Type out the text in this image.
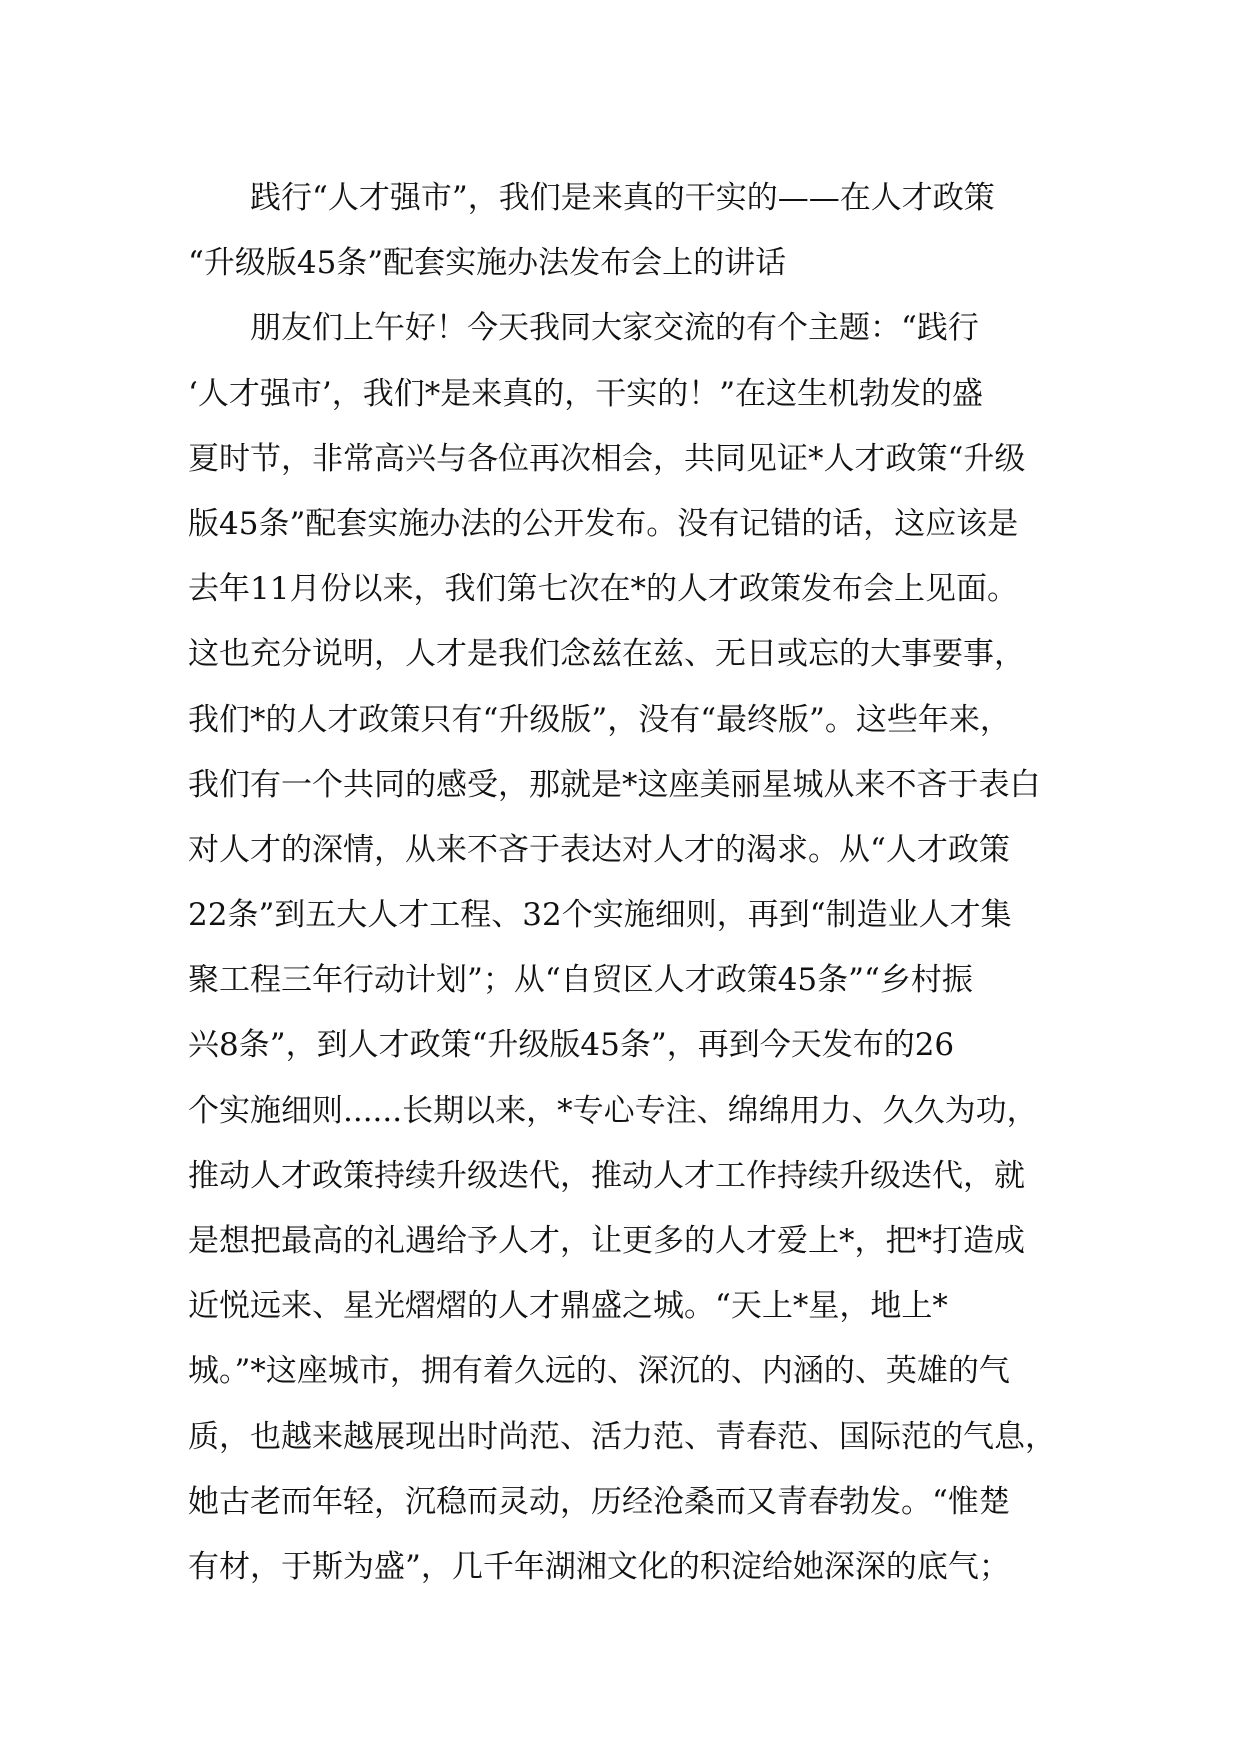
践行“人才强市”，我们是来真的干实的——在人才政策
“升级版45条”配套实施办法发布会上的讲话
朋友们上午好！今天我同大家交流的有个主题：“践行
‘人才强市’，我们*是来真的，干实的！”在这生机勃发的盛
夏时节，非常高兴与各位再次相会，共同见证*人才政策“升级
版45条”配套实施办法的公开发布。没有记错的话，这应该是
去年11月份以来，我们第七次在*的人才政策发布会上见面。
这也充分说明，人才是我们念兹在兹、无日或忘的大事要事，
我们*的人才政策只有“升级版”，没有“最终版”。这些年来，
我们有一个共同的感受，那就是*这座美丽星城从来不吝于表白
对人才的深情，从来不吝于表达对人才的渴求。从“人才政策
22条”到五大人才工程、32个实施细则，再到“制造业人才集
聚工程三年行动计划”；从“自贸区人才政策45条”“乡村振
兴8条”，到人才政策“升级版45条”，再到今天发布的26
个实施细则......长期以来，*专心专注、绵绵用力、久久为功，
推动人才政策持续升级迭代，推动人才工作持续升级迭代，就
是想把最高的礼遇给予人才，让更多的人才爱上*，把*打造成
近悦远来、星光熠熠的人才鼎盛之城。“天上*星，地上*
城。”*这座城市，拥有着久远的、深沉的、内涵的、英雄的气
质，也越来越展现出时尚范、活力范、青春范、国际范的气息，
她古老而年轻，沉稳而灵动，历经沧桑而又青春勃发。“惟楚
有材，于斯为盛”，几千年湖湘文化的积淀给她深深的底气；
